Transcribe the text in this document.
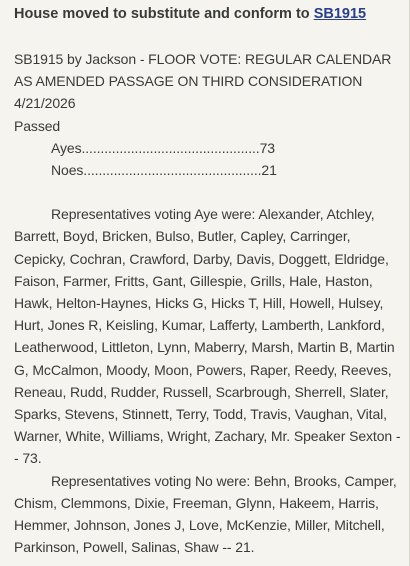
House moved to substitute and conform to SB1915
SB1915 by Jackson - FLOOR VOTE: REGULAR CALENDAR AS AMENDED PASSAGE ON THIRD CONSIDERATION
4/21/2026
Passed
Ayes...............................................73
Noes...............................................21

Representatives voting Aye were: Alexander, Atchley, Barrett, Boyd, Bricken, Bulso, Butler, Capley, Carringer, Cepicky, Cochran, Crawford, Darby, Davis, Doggett, Eldridge, Faison, Farmer, Fritts, Gant, Gillespie, Grills, Hale, Haston, Hawk, Helton-Haynes, Hicks G, Hicks T, Hill, Howell, Hulsey, Hurt, Jones R, Keisling, Kumar, Lafferty, Lamberth, Lankford, Leatherwood, Littleton, Lynn, Maberry, Marsh, Martin B, Martin G, McCalmon, Moody, Moon, Powers, Raper, Reedy, Reeves, Reneau, Rudd, Rudder, Russell, Scarbrough, Sherrell, Slater, Sparks, Stevens, Stinnett, Terry, Todd, Travis, Vaughan, Vital, Warner, White, Williams, Wright, Zachary, Mr. Speaker Sexton -- 73.

Representatives voting No were: Behn, Brooks, Camper, Chism, Clemmons, Dixie, Freeman, Glynn, Hakeem, Harris, Hemmer, Johnson, Jones J, Love, McKenzie, Miller, Mitchell, Parkinson, Powell, Salinas, Shaw -- 21.
